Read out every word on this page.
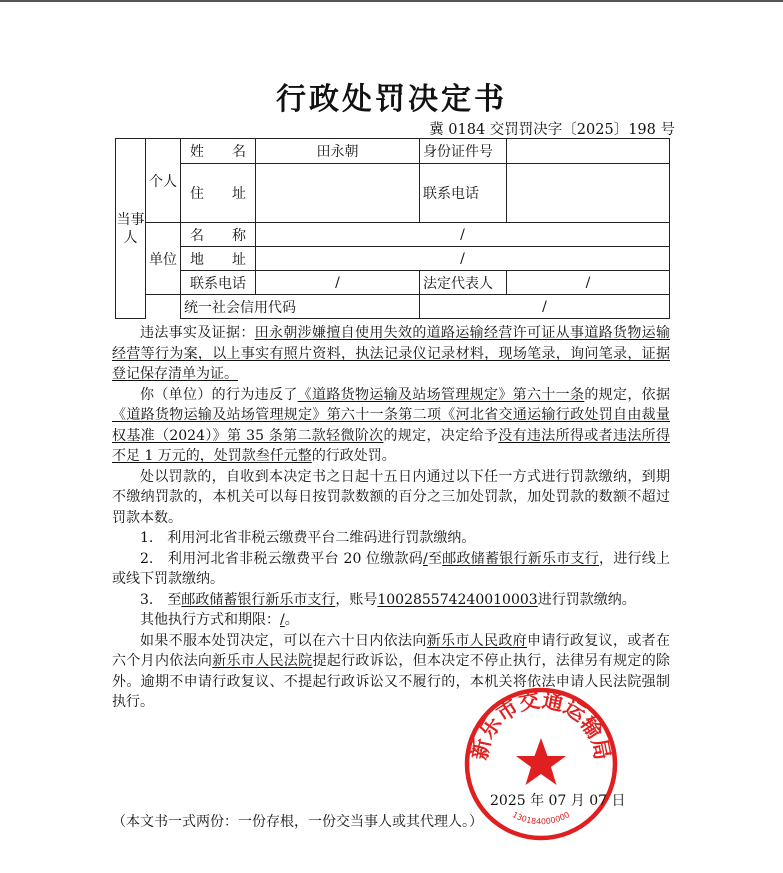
行政处罚决定书
冀 0184 交罚罚决字〔2025〕198 号
当事人	个人	姓　　名	田永朝	身份证件号	
		住　　址		联系电话	

	单位	名　　称	/		
		地　　址	/		
		联系电话	/	法定代表人	/
		统一社会信用代码		/	

违法事实及证据：田永朝涉嫌擅自使用失效的道路运输经营许可证从事道路货物运输经营等行为案，以上事实有照片资料，执法记录仪记录材料，现场笔录，询问笔录，证据登记保存清单为证。

你（单位）的行为违反了《道路货物运输及站场管理规定》第六十一条的规定，依据《道路货物运输及站场管理规定》第六十一条第二项《河北省交通运输行政处罚自由裁量权基准（2024）》第 35 条第二款轻微阶次的规定，决定给予没有违法所得或者违法所得不足 1 万元的，处罚款叁仟元整的行政处罚。

处以罚款的，自收到本决定书之日起十五日内通过以下任一方式进行罚款缴纳，到期不缴纳罚款的，本机关可以每日按罚款数额的百分之三加处罚款，加处罚款的数额不超过罚款本数。

1.　利用河北省非税云缴费平台二维码进行罚款缴纳。

2.　利用河北省非税云缴费平台 20 位缴款码/至邮政储蓄银行新乐市支行，进行线上或线下罚款缴纳。

3.　至邮政储蓄银行新乐市支行，账号100285574240010003进行罚款缴纳。

其他执行方式和期限：/。

如果不服本处罚决定，可以在六十日内依法向新乐市人民政府申请行政复议，或者在六个月内依法向新乐市人民法院提起行政诉讼，但本决定不停止执行，法律另有规定的除外。逾期不申请行政复议、不提起行政诉讼又不履行的，本机关将依法申请人民法院强制执行。

新乐市交通运输局
130184000000
2025 年 07 月 07 日
（本文书一式两份：一份存根，一份交当事人或其代理人。）
